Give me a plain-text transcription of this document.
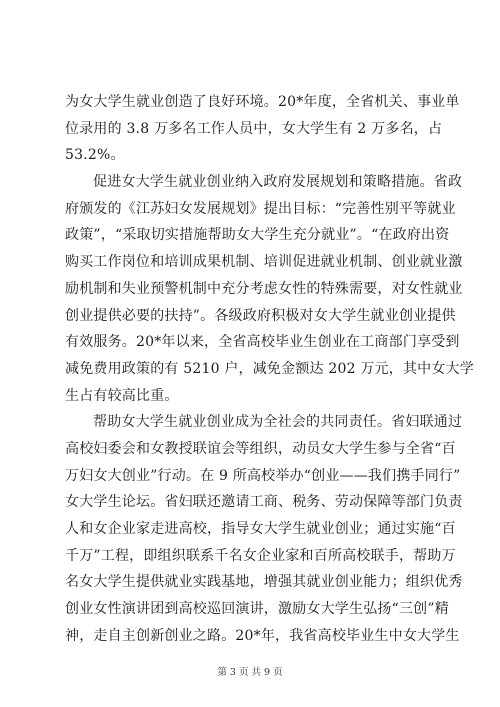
为女大学生就业创造了良好环境。20*年度，全省机关、事业单
位录用的 3.8 万多名工作人员中，女大学生有 2 万多名，占
53.2%。
促进女大学生就业创业纳入政府发展规划和策略措施。省政
府颁发的《江苏妇女发展规划》提出目标：“完善性别平等就业
政策”，“采取切实措施帮助女大学生充分就业”。“在政府出资
购买工作岗位和培训成果机制、培训促进就业机制、创业就业激
励机制和失业预警机制中充分考虑女性的特殊需要，对女性就业
创业提供必要的扶持”。各级政府积极对女大学生就业创业提供
有效服务。20*年以来，全省高校毕业生创业在工商部门享受到
减免费用政策的有 5210 户，减免金额达 202 万元，其中女大学
生占有较高比重。
帮助女大学生就业创业成为全社会的共同责任。省妇联通过
高校妇委会和女教授联谊会等组织，动员女大学生参与全省“百
万妇女大创业”行动。在 9 所高校举办“创业——我们携手同行”
女大学生论坛。省妇联还邀请工商、税务、劳动保障等部门负责
人和女企业家走进高校，指导女大学生就业创业；通过实施“百
千万”工程，即组织联系千名女企业家和百所高校联手，帮助万
名女大学生提供就业实践基地，增强其就业创业能力；组织优秀
创业女性演讲团到高校巡回演讲，激励女大学生弘扬“三创”精
神，走自主创新创业之路。20*年，我省高校毕业生中女大学生
第 3 页 共 9 页
